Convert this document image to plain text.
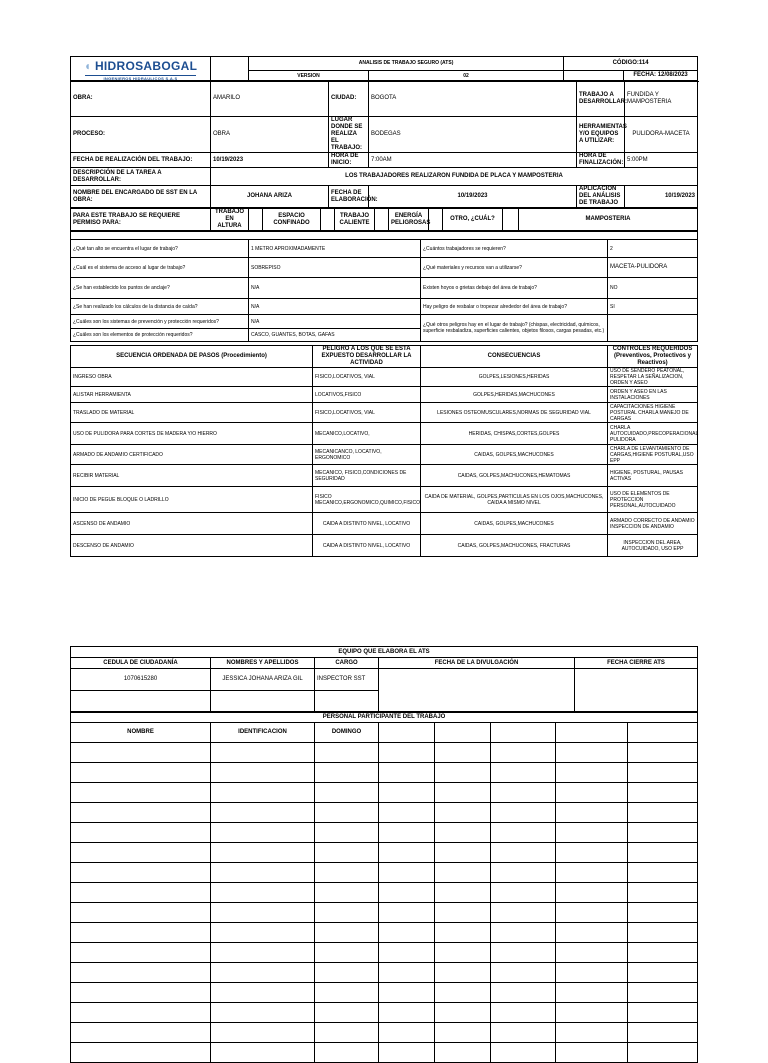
◖ HIDROSABOGAL
INGENIEROS HIDRAULICOS S.A.S		ANALISIS DE TRABAJO SEGURO (ATS)		CÓDIGO:114	
		VERSION	02		FECHA: 12/08/2023
OBRA:	AMARILO	CIUDAD:	BOGOTA	TRABAJO A DESARROLLAR:	FUNDIDA Y MAMPOSTERIA
PROCESO:	OBRA	LUGAR DONDE SE REALIZA EL TRABAJO:	BODEGAS	HERRAMIENTAS Y/O EQUIPOS A UTILIZAR:	PULIDORA-MACETA
FECHA DE REALIZACIÓN DEL TRABAJO:	10/19/2023	HORA DE INICIO:	7:00AM	HORA DE FINALIZACIÓN:	5:00PM
DESCRIPCIÓN DE LA TAREA A DESARROLLAR:	LOS TRABAJADORES REALIZARON FUNDIDA DE PLACA Y MAMPOSTERIA				
NOMBRE DEL ENCARGADO DE SST EN LA OBRA:	JOHANA ARIZA	FECHA DE ELABORACIÓN:	10/19/2023	APLICACION DEL ANÁLISIS DE TRABAJO	10/19/2023
PARA ESTE TRABAJO SE REQUIERE PERMISO PARA:	TRABAJO EN ALTURA		ESPACIO CONFINADO		TRABAJO CALIENTE		ENERGÍA PELIGROSAS		OTRO, ¿CUÁL?		MAMPOSTERIA

¿Qué tan alto se encuentra el lugar de trabajo?	1 METRO APROXIMADAMENTE	¿Cuántos trabajadores se requieren?	2
¿Cuál es el sistema de acceso al lugar de trabajo?	SOBREPISO	¿Qué materiales y recursos van a utilizarse?	MACETA-PULIDORA
¿Se han establecido los puntos de anclaje?	N/A	Existen hoyos o grietas debajo del área de trabajo?	NO
¿Se han realizado los cálculos de la distancia de caída?	N/A	Hay peligro de resbalar o tropezar alrededor del área de trabajo?	SI
¿Cuáles son los sistemas de prevención y protección requeridos?	N/A	¿Qué otros peligros hay en el lugar de trabajo? (chispas, electricidad, químicos, superficie resbaladiza, superficies calientes, objetos filosos, cargas pesadas, etc.)	
¿Cuáles son los elementos de protección requeridos?	CASCO, GUANTES, BOTAS, GAFAS		
SECUENCIA ORDENADA DE PASOS (Procedimiento)	PELIGRO A LOS QUE SE ESTA EXPUESTO DESARROLLAR LA ACTIVIDAD	CONSECUENCIAS	CONTROLES REQUERIDOS (Preventivos, Protectivos y Reactivos)
INGRESO OBRA	FISICO,LOCATIVOS, VIAL	GOLPES,LESIONES,HERIDAS	USO DE SENDERO PEATONAL, RESPETAR LA SEÑALIZACION, ORDEN Y ASEO
ALISTAR HERRAMIENTA	LOCATIVOS,FISICO	GOLPES,HERIDAS,MACHUCONES	ORDEN Y ASEO EN LAS INSTALACIONES
TRASLADO DE MATERIAL	FISICO,LOCATIVOS, VIAL	LESIONES OSTEOMUSCULARES,NORMAS DE SEGURIDAD VIAL	CAPACITACIONES HIGIENE POSTURAL CHARLA MANEJO DE CARGAS
USO DE PULIDORA PARA CORTES DE MADERA Y/O HIERRO	MECANICO,LOCATIVO,	HERIDAS, CHISPAS,CORTES,GOLPES	CHARLA AUTOCUIDADO,PRECOPERACIONAL PULIDORA
ARMADO DE ANDAMIO CERTIFICADO	MECANICANCO, LOCATIVO, ERGONOMICO	CAIDAS, GOLPES,MACHUCONES	CHARLA DE LEVANTAMIENTO DE CARGAS,HIGIENE POSTURAL,USO EPP
RECIBIR MATERIAL	MECANICO, FISICO,CONDICIONES DE SEGURIDAD	CAIDAS, GOLPES,MACHUCONES,HEMATOMAS	HIGIENE, POSTURAL, PAUSAS ACTIVAS
INICIO DE PEGUE BLOQUE O LADRILLO	FISICO MECANICO,ERGONOMICO,QUIMICO,FISICO	CAIDA DE MATERIAL, GOLPES,PARTICULAS EN LOS OJOS,MACHUCONES, CAIDA A MISMO NIVEL	USO DE ELEMENTOS DE PROTECCION PERSONAL,AUTOCUIDADO
ASCENSO DE ANDAMIO	CAIDA A DISTINTO NIVEL, LOCATIVO	CAIDAS, GOLPES,MACHUCONES	ARMADO CORRECTO DE ANDAMIO INSPECCION DE ANDAMIO
DESCENSO DE ANDAMIO	CAIDA A DISTINTO NIVEL, LOCATIVO	CAIDAS, GOLPES,MACHUCONES, FRACTURAS	INSPECCION DEL AREA, AUTOCUIDADO, USO EPP
EQUIPO QUE ELABORA EL ATS				
CEDULA DE CIUDADANÍA	NOMBRES Y APELLIDOS	CARGO	FECHA DE LA DIVULGACIÓN	FECHA CIERRE ATS
1070615280	JESSICA JOHANA ARIZA GIL	INSPECTOR SST		

PERSONAL PARTICIPANTE DEL TRABAJO							
NOMBRE	IDENTIFICACION	DOMINGO					
